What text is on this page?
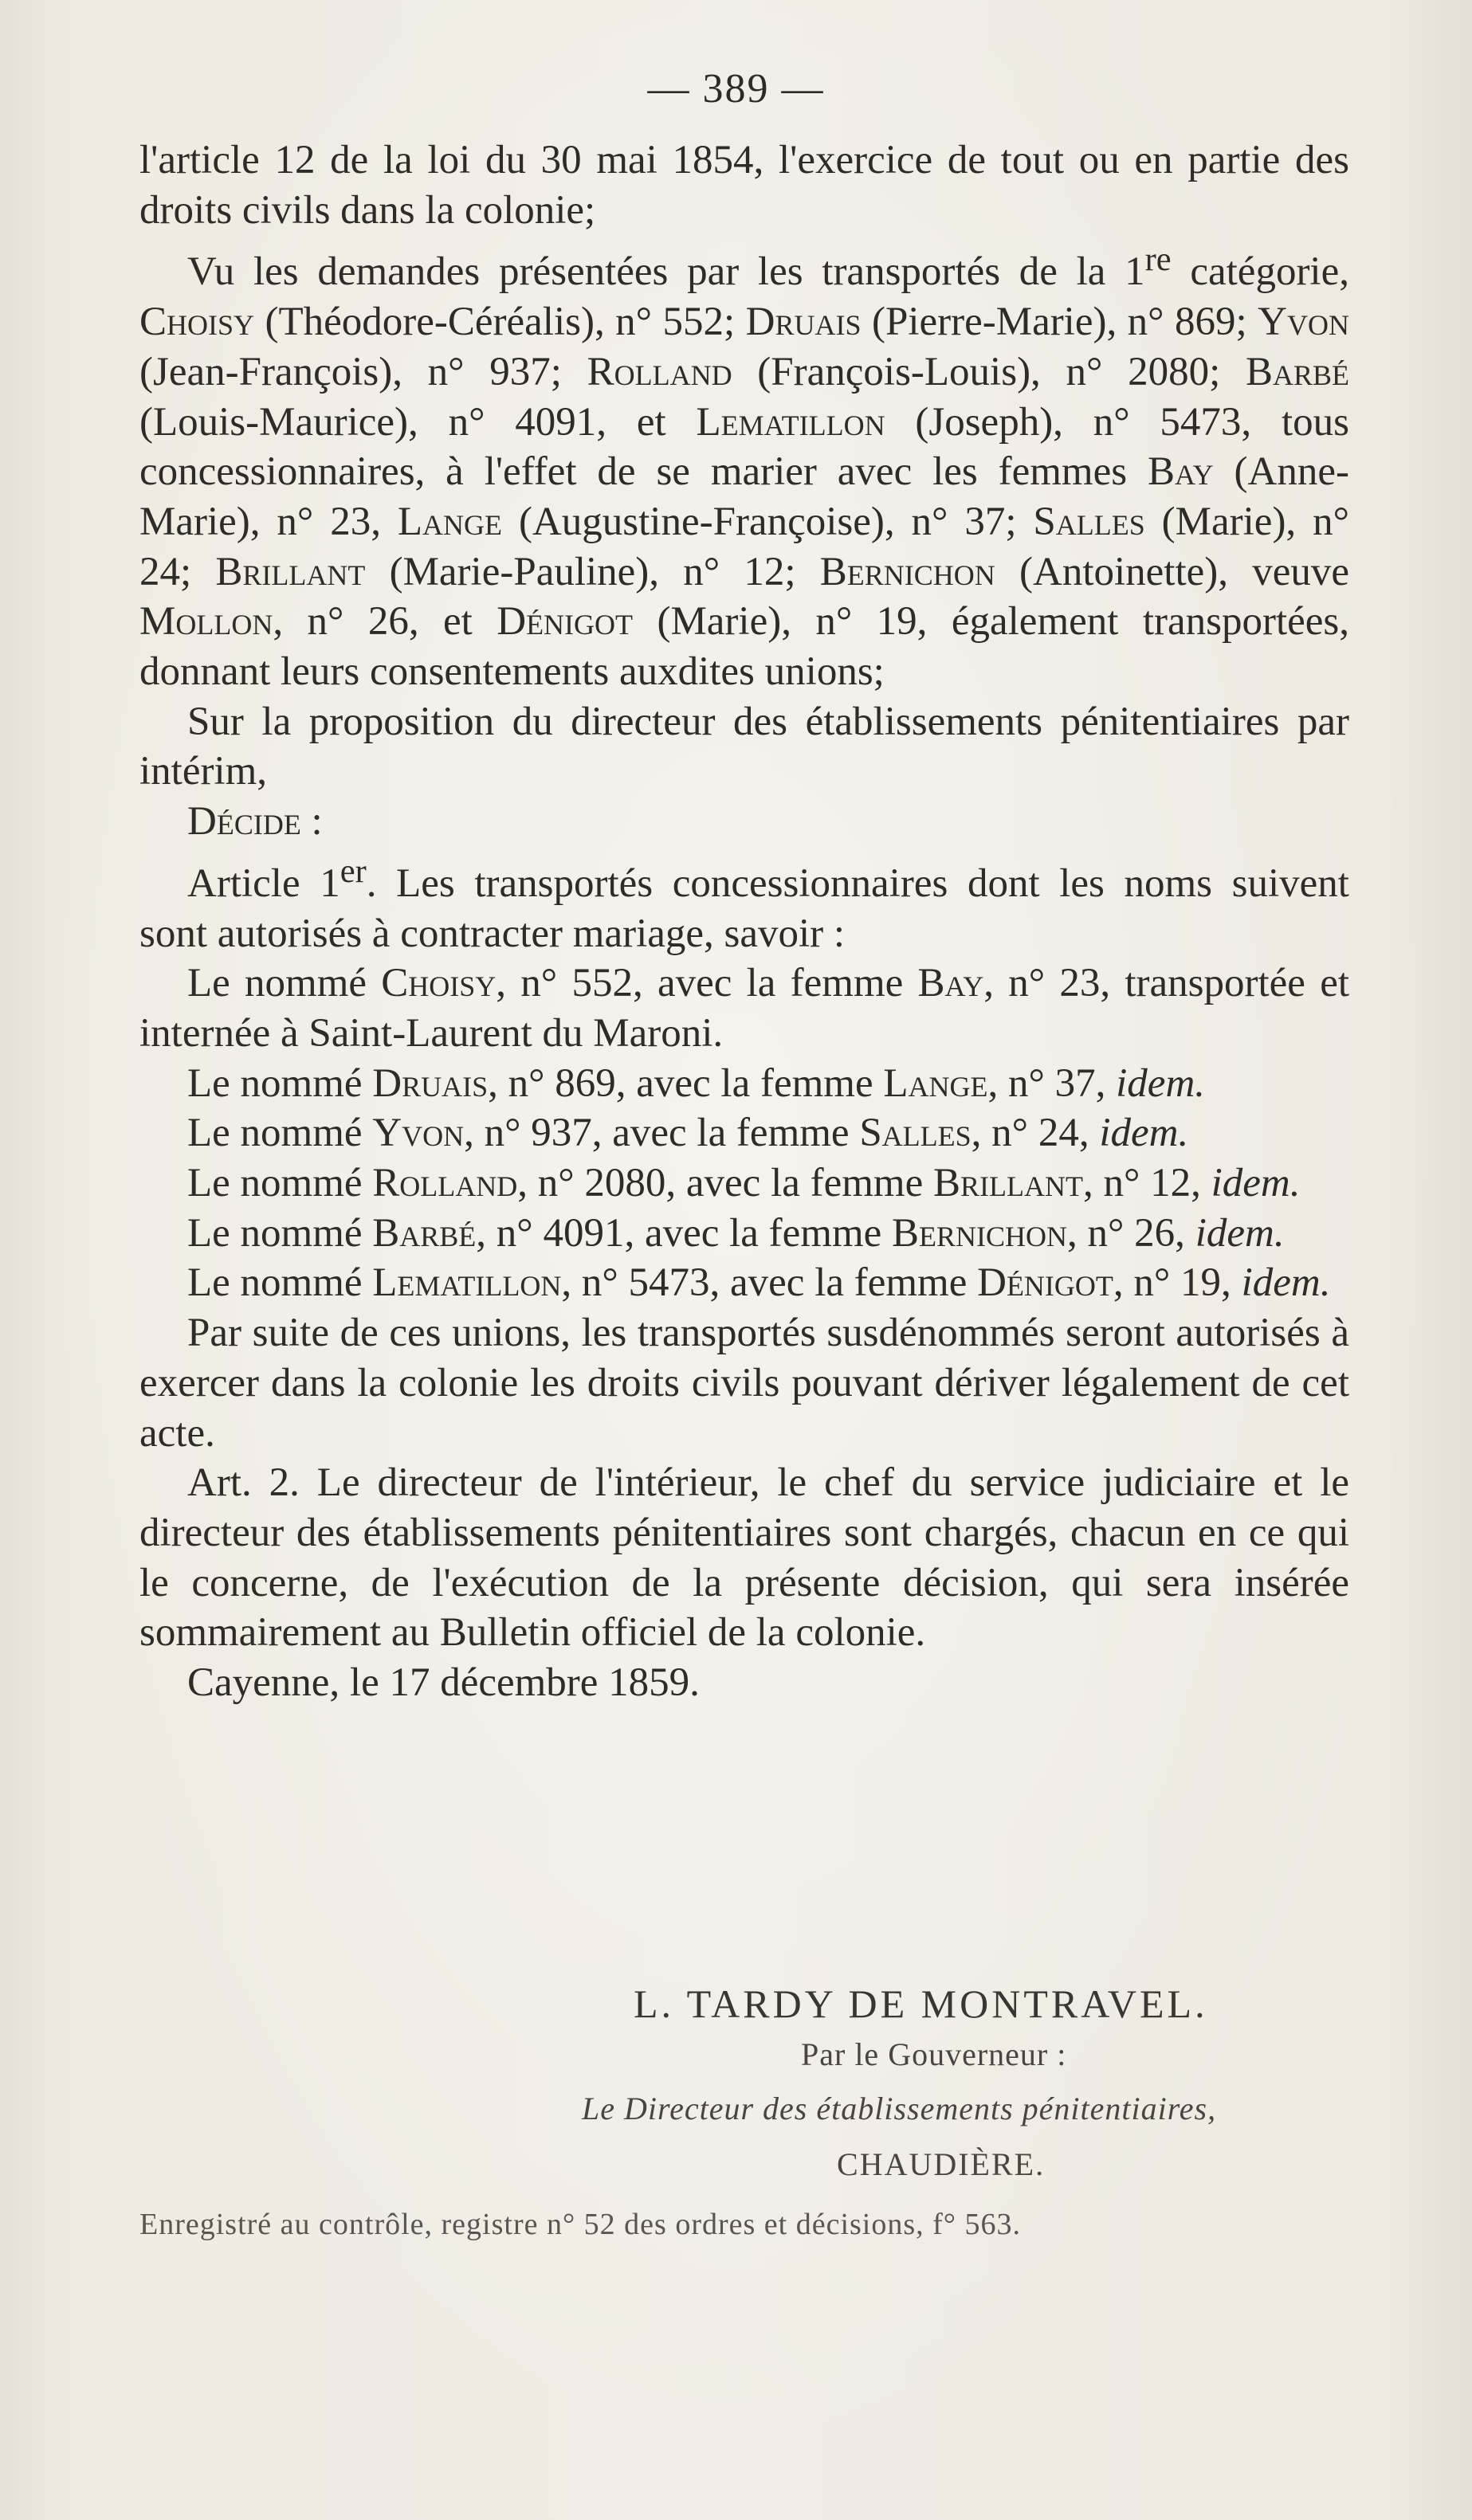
— 389 —

l'article 12 de la loi du 30 mai 1854, l'exercice de tout ou en partie des droits civils dans la colonie;

Vu les demandes présentées par les transportés de la 1re catégorie, Choisy (Théodore-Céréalis), n° 552; Druais (Pierre-Marie), n° 869; Yvon (Jean-François), n° 937; Rolland (François-Louis), n° 2080; Barbé (Louis-Maurice), n° 4091, et Lematillon (Joseph), n° 5473, tous concessionnaires, à l'effet de se marier avec les femmes Bay (Anne-Marie), n° 23, Lange (Augustine-Françoise), n° 37; Salles (Marie), n° 24; Brillant (Marie-Pauline), n° 12; Bernichon (Antoinette), veuve Mollon, n° 26, et Dénigot (Marie), n° 19, également transportées, donnant leurs consentements auxdites unions;

Sur la proposition du directeur des établissements pénitentiaires par intérim,

Décide :

Article 1er. Les transportés concessionnaires dont les noms suivent sont autorisés à contracter mariage, savoir :

Le nommé Choisy, n° 552, avec la femme Bay, n° 23, transportée et internée à Saint-Laurent du Maroni.

Le nommé Druais, n° 869, avec la femme Lange, n° 37, idem.

Le nommé Yvon, n° 937, avec la femme Salles, n° 24, idem.

Le nommé Rolland, n° 2080, avec la femme Brillant, n° 12, idem.

Le nommé Barbé, n° 4091, avec la femme Bernichon, n° 26, idem.

Le nommé Lematillon, n° 5473, avec la femme Dénigot, n° 19, idem.

Par suite de ces unions, les transportés susdénommés seront autorisés à exercer dans la colonie les droits civils pouvant dériver légalement de cet acte.

Art. 2. Le directeur de l'intérieur, le chef du service judiciaire et le directeur des établissements pénitentiaires sont chargés, chacun en ce qui le concerne, de l'exécution de la présente décision, qui sera insérée sommairement au Bulletin officiel de la colonie.

Cayenne, le 17 décembre 1859.

L. TARDY DE MONTRAVEL.
Par le Gouverneur :
Le Directeur des établissements pénitentiaires,
CHAUDIÈRE.
Enregistré au contrôle, registre n° 52 des ordres et décisions, f° 563.
